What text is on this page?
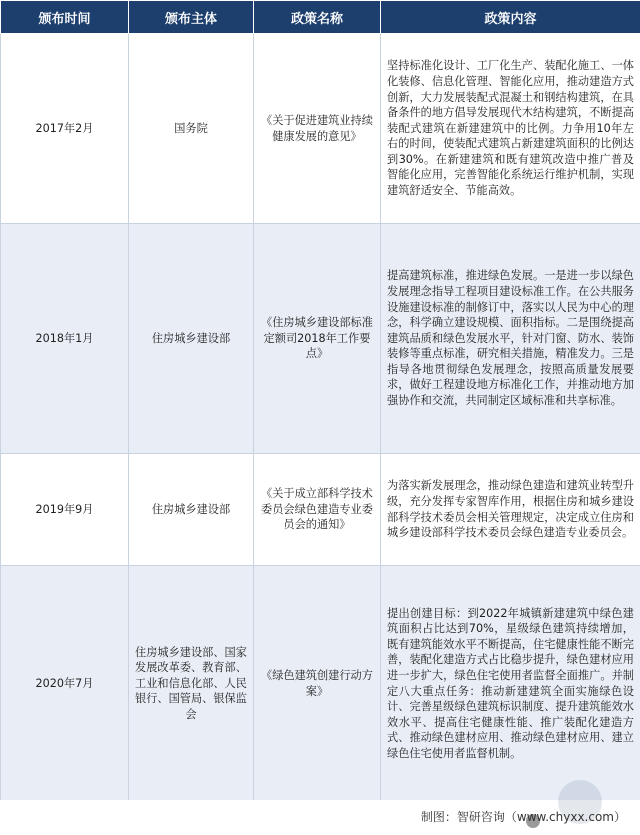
颁布时间	颁布主体	政策名称	政策内容
2017年2月	国务院	《关于促进建筑业持续健康发展的意见》	坚持标准化设计、工厂化生产、装配化施工、一体化装修、信息化管理、智能化应用，推动建造方式创新，大力发展装配式混凝土和钢结构建筑，在具备条件的地方倡导发展现代木结构建筑，不断提高装配式建筑在新建建筑中的比例。力争用10年左右的时间，使装配式建筑占新建建筑面积的比例达到30%。在新建建筑和既有建筑改造中推广普及智能化应用，完善智能化系统运行维护机制，实现建筑舒适安全、节能高效。
2018年1月	住房城乡建设部	《住房城乡建设部标准定额司2018年工作要点》	提高建筑标准，推进绿色发展。一是进一步以绿色发展理念指导工程项目建设标准工作。在公共服务设施建设标准的制修订中，落实以人民为中心的理念，科学确立建设规模、面积指标。二是围绕提高建筑品质和绿色发展水平，针对门窗、防水、装饰装修等重点标准，研究相关措施，精准发力。三是指导各地贯彻绿色发展理念，按照高质量发展要求，做好工程建设地方标准化工作，并推动地方加强协作和交流，共同制定区域标准和共享标准。
2019年9月	住房城乡建设部	《关于成立部科学技术委员会绿色建造专业委员会的通知》	为落实新发展理念，推动绿色建造和建筑业转型升级，充分发挥专家智库作用，根据住房和城乡建设部科学技术委员会相关管理规定，决定成立住房和城乡建设部科学技术委员会绿色建造专业委员会。
2020年7月	住房城乡建设部、国家发展改革委、教育部、工业和信息化部、人民银行、国管局、银保监会	《绿色建筑创建行动方案》	提出创建目标：到2022年城镇新建建筑中绿色建筑面积占比达到70%，星级绿色建筑持续增加，既有建筑能效水平不断提高，住宅健康性能不断完善，装配化建造方式占比稳步提升，绿色建材应用进一步扩大，绿色住宅使用者监督全面推广。并制定八大重点任务：推动新建建筑全面实施绿色设计、完善星级绿色建筑标识制度、提升建筑能效水效水平、提高住宅健康性能、推广装配化建造方式、推动绿色建材应用、推动绿色建材应用、建立绿色住宅使用者监督机制。
制图：智研咨询（www.chyxx.com）
